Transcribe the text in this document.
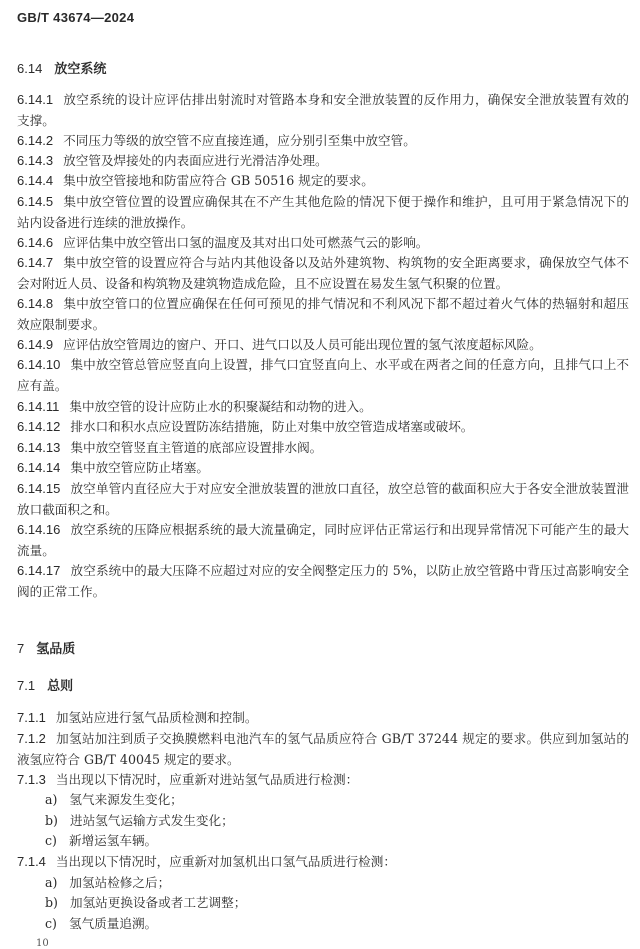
GB/T 43674—2024
6.14 放空系统
6.14.1 放空系统的设计应评估排出射流时对管路本身和安全泄放装置的反作用力，确保安全泄放装置有效的支撑。
6.14.2 不同压力等级的放空管不应直接连通，应分别引至集中放空管。
6.14.3 放空管及焊接处的内表面应进行光滑洁净处理。
6.14.4 集中放空管接地和防雷应符合 GB 50516 规定的要求。
6.14.5 集中放空管位置的设置应确保其在不产生其他危险的情况下便于操作和维护，且可用于紧急情况下的站内设备进行连续的泄放操作。
6.14.6 应评估集中放空管出口氢的温度及其对出口处可燃蒸气云的影响。
6.14.7 集中放空管的设置应符合与站内其他设备以及站外建筑物、构筑物的安全距离要求，确保放空气体不会对附近人员、设备和构筑物及建筑物造成危险，且不应设置在易发生氢气积聚的位置。
6.14.8 集中放空管口的位置应确保在任何可预见的排气情况和不利风况下都不超过着火气体的热辐射和超压效应限制要求。
6.14.9 应评估放空管周边的窗户、开口、进气口以及人员可能出现位置的氢气浓度超标风险。
6.14.10 集中放空管总管应竖直向上设置，排气口宜竖直向上、水平或在两者之间的任意方向，且排气口上不应有盖。
6.14.11 集中放空管的设计应防止水的积聚凝结和动物的进入。
6.14.12 排水口和积水点应设置防冻结措施，防止对集中放空管造成堵塞或破坏。
6.14.13 集中放空管竖直主管道的底部应设置排水阀。
6.14.14 集中放空管应防止堵塞。
6.14.15 放空单管内直径应大于对应安全泄放装置的泄放口直径，放空总管的截面积应大于各安全泄放装置泄放口截面积之和。
6.14.16 放空系统的压降应根据系统的最大流量确定，同时应评估正常运行和出现异常情况下可能产生的最大流量。
6.14.17 放空系统中的最大压降不应超过对应的安全阀整定压力的 5%，以防止放空管路中背压过高影响安全阀的正常工作。
7 氢品质
7.1 总则
7.1.1 加氢站应进行氢气品质检测和控制。
7.1.2 加氢站加注到质子交换膜燃料电池汽车的氢气品质应符合 GB/T 37244 规定的要求。供应到加氢站的液氢应符合 GB/T 40045 规定的要求。
7.1.3 当出现以下情况时，应重新对进站氢气品质进行检测：
a) 氢气来源发生变化；
b) 进站氢气运输方式发生变化；
c) 新增运氢车辆。
7.1.4 当出现以下情况时，应重新对加氢机出口氢气品质进行检测：
a) 加氢站检修之后；
b) 加氢站更换设备或者工艺调整；
c) 氢气质量追溯。
10
